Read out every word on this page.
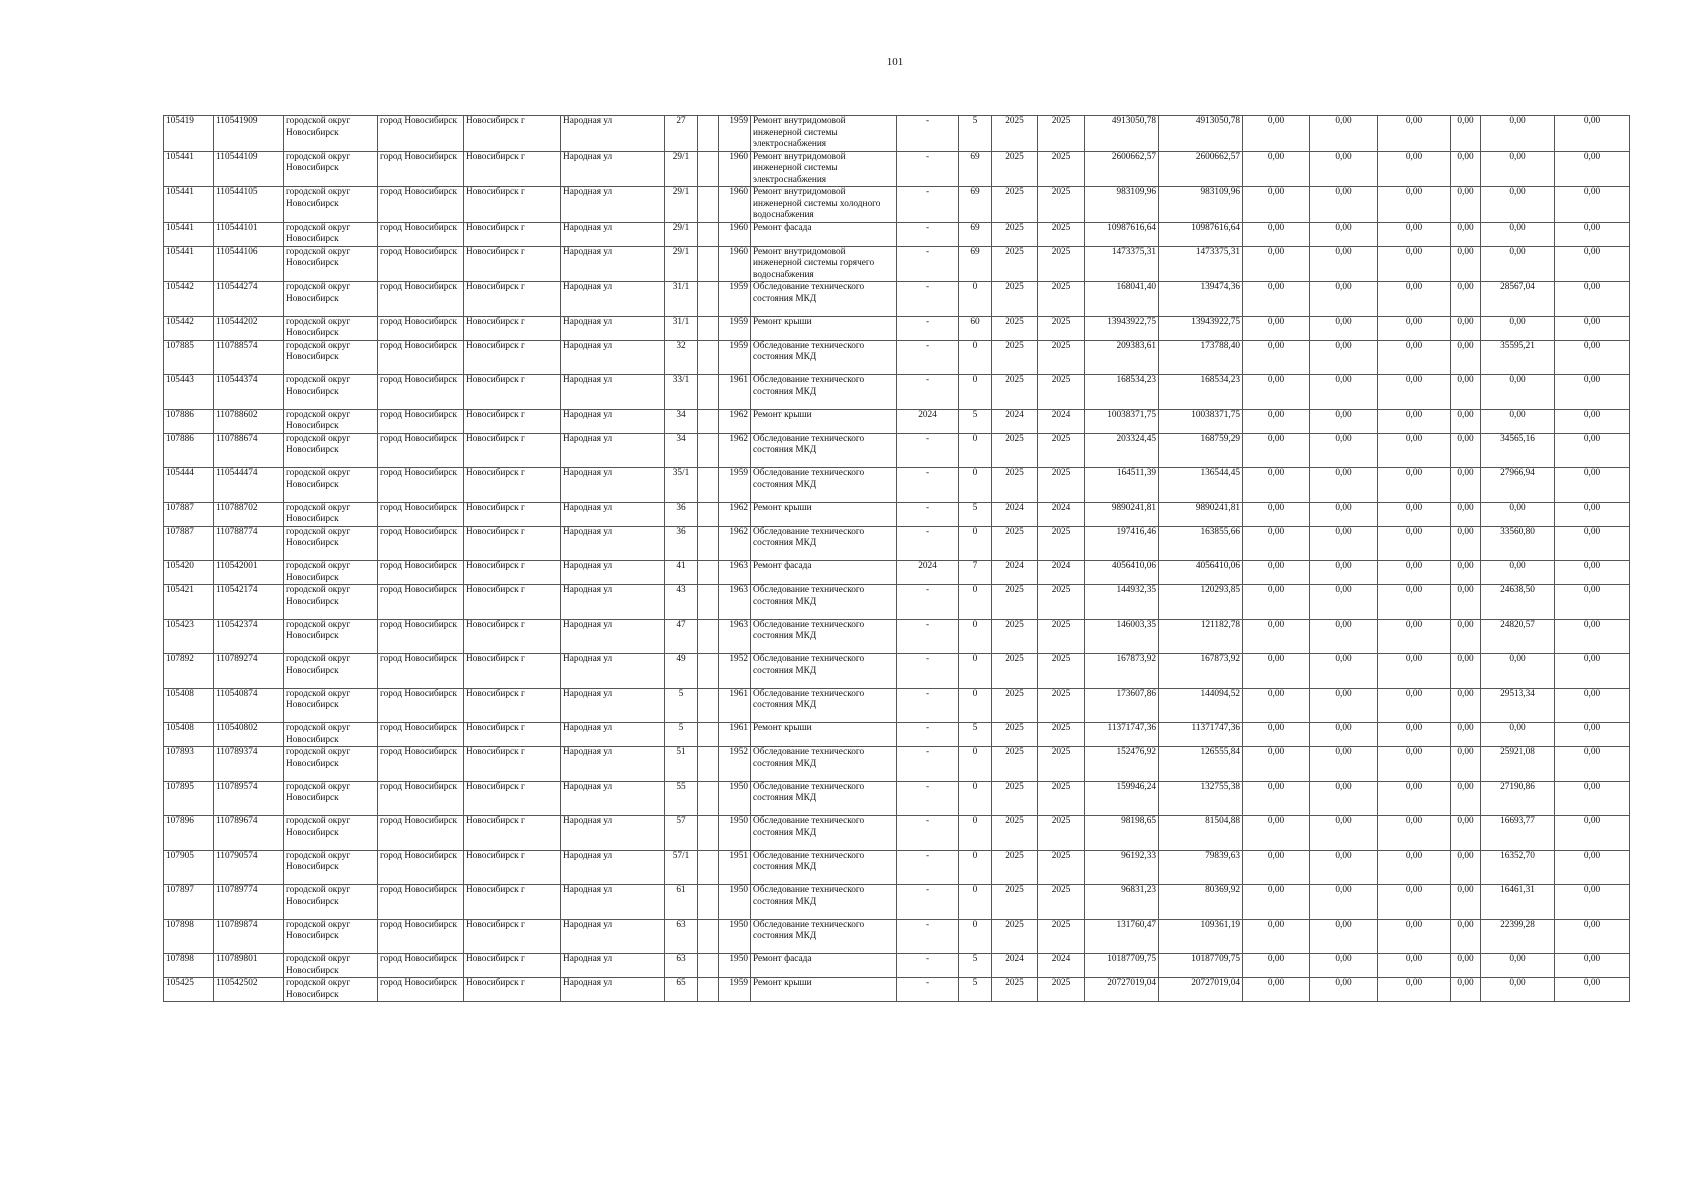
101
105419	110541909	городской округ Новосибирск	город Новосибирск	Новосибирск г	Народная ул	27		1959	Ремонт внутридомовой инженерной системы электроснабжения	-	5	2025	2025	4913050,78	4913050,78	0,00	0,00	0,00	0,00	0,00	0,00
105441	110544109	городской округ Новосибирск	город Новосибирск	Новосибирск г	Народная ул	29/1		1960	Ремонт внутридомовой инженерной системы электроснабжения	-	69	2025	2025	2600662,57	2600662,57	0,00	0,00	0,00	0,00	0,00	0,00
105441	110544105	городской округ Новосибирск	город Новосибирск	Новосибирск г	Народная ул	29/1		1960	Ремонт внутридомовой инженерной системы холодного водоснабжения	-	69	2025	2025	983109,96	983109,96	0,00	0,00	0,00	0,00	0,00	0,00
105441	110544101	городской округ Новосибирск	город Новосибирск	Новосибирск г	Народная ул	29/1		1960	Ремонт фасада	-	69	2025	2025	10987616,64	10987616,64	0,00	0,00	0,00	0,00	0,00	0,00
105441	110544106	городской округ Новосибирск	город Новосибирск	Новосибирск г	Народная ул	29/1		1960	Ремонт внутридомовой инженерной системы горячего водоснабжения	-	69	2025	2025	1473375,31	1473375,31	0,00	0,00	0,00	0,00	0,00	0,00
105442	110544274	городской округ Новосибирск	город Новосибирск	Новосибирск г	Народная ул	31/1		1959	Обследование технического состояния МКД	-	0	2025	2025	168041,40	139474,36	0,00	0,00	0,00	0,00	28567,04	0,00
105442	110544202	городской округ Новосибирск	город Новосибирск	Новосибирск г	Народная ул	31/1		1959	Ремонт крыши	-	60	2025	2025	13943922,75	13943922,75	0,00	0,00	0,00	0,00	0,00	0,00
107885	110788574	городской округ Новосибирск	город Новосибирск	Новосибирск г	Народная ул	32		1959	Обследование технического состояния МКД	-	0	2025	2025	209383,61	173788,40	0,00	0,00	0,00	0,00	35595,21	0,00
105443	110544374	городской округ Новосибирск	город Новосибирск	Новосибирск г	Народная ул	33/1		1961	Обследование технического состояния МКД	-	0	2025	2025	168534,23	168534,23	0,00	0,00	0,00	0,00	0,00	0,00
107886	110788602	городской округ Новосибирск	город Новосибирск	Новосибирск г	Народная ул	34		1962	Ремонт крыши	2024	5	2024	2024	10038371,75	10038371,75	0,00	0,00	0,00	0,00	0,00	0,00
107886	110788674	городской округ Новосибирск	город Новосибирск	Новосибирск г	Народная ул	34		1962	Обследование технического состояния МКД	-	0	2025	2025	203324,45	168759,29	0,00	0,00	0,00	0,00	34565,16	0,00
105444	110544474	городской округ Новосибирск	город Новосибирск	Новосибирск г	Народная ул	35/1		1959	Обследование технического состояния МКД	-	0	2025	2025	164511,39	136544,45	0,00	0,00	0,00	0,00	27966,94	0,00
107887	110788702	городской округ Новосибирск	город Новосибирск	Новосибирск г	Народная ул	36		1962	Ремонт крыши	-	5	2024	2024	9890241,81	9890241,81	0,00	0,00	0,00	0,00	0,00	0,00
107887	110788774	городской округ Новосибирск	город Новосибирск	Новосибирск г	Народная ул	36		1962	Обследование технического состояния МКД	-	0	2025	2025	197416,46	163855,66	0,00	0,00	0,00	0,00	33560,80	0,00
105420	110542001	городской округ Новосибирск	город Новосибирск	Новосибирск г	Народная ул	41		1963	Ремонт фасада	2024	7	2024	2024	4056410,06	4056410,06	0,00	0,00	0,00	0,00	0,00	0,00
105421	110542174	городской округ Новосибирск	город Новосибирск	Новосибирск г	Народная ул	43		1963	Обследование технического состояния МКД	-	0	2025	2025	144932,35	120293,85	0,00	0,00	0,00	0,00	24638,50	0,00
105423	110542374	городской округ Новосибирск	город Новосибирск	Новосибирск г	Народная ул	47		1963	Обследование технического состояния МКД	-	0	2025	2025	146003,35	121182,78	0,00	0,00	0,00	0,00	24820,57	0,00
107892	110789274	городской округ Новосибирск	город Новосибирск	Новосибирск г	Народная ул	49		1952	Обследование технического состояния МКД	-	0	2025	2025	167873,92	167873,92	0,00	0,00	0,00	0,00	0,00	0,00
105408	110540874	городской округ Новосибирск	город Новосибирск	Новосибирск г	Народная ул	5		1961	Обследование технического состояния МКД	-	0	2025	2025	173607,86	144094,52	0,00	0,00	0,00	0,00	29513,34	0,00
105408	110540802	городской округ Новосибирск	город Новосибирск	Новосибирск г	Народная ул	5		1961	Ремонт крыши	-	5	2025	2025	11371747,36	11371747,36	0,00	0,00	0,00	0,00	0,00	0,00
107893	110789374	городской округ Новосибирск	город Новосибирск	Новосибирск г	Народная ул	51		1952	Обследование технического состояния МКД	-	0	2025	2025	152476,92	126555,84	0,00	0,00	0,00	0,00	25921,08	0,00
107895	110789574	городской округ Новосибирск	город Новосибирск	Новосибирск г	Народная ул	55		1950	Обследование технического состояния МКД	-	0	2025	2025	159946,24	132755,38	0,00	0,00	0,00	0,00	27190,86	0,00
107896	110789674	городской округ Новосибирск	город Новосибирск	Новосибирск г	Народная ул	57		1950	Обследование технического состояния МКД	-	0	2025	2025	98198,65	81504,88	0,00	0,00	0,00	0,00	16693,77	0,00
107905	110790574	городской округ Новосибирск	город Новосибирск	Новосибирск г	Народная ул	57/1		1951	Обследование технического состояния МКД	-	0	2025	2025	96192,33	79839,63	0,00	0,00	0,00	0,00	16352,70	0,00
107897	110789774	городской округ Новосибирск	город Новосибирск	Новосибирск г	Народная ул	61		1950	Обследование технического состояния МКД	-	0	2025	2025	96831,23	80369,92	0,00	0,00	0,00	0,00	16461,31	0,00
107898	110789874	городской округ Новосибирск	город Новосибирск	Новосибирск г	Народная ул	63		1950	Обследование технического состояния МКД	-	0	2025	2025	131760,47	109361,19	0,00	0,00	0,00	0,00	22399,28	0,00
107898	110789801	городской округ Новосибирск	город Новосибирск	Новосибирск г	Народная ул	63		1950	Ремонт фасада	-	5	2024	2024	10187709,75	10187709,75	0,00	0,00	0,00	0,00	0,00	0,00
105425	110542502	городской округ Новосибирск	город Новосибирск	Новосибирск г	Народная ул	65		1959	Ремонт крыши	-	5	2025	2025	20727019,04	20727019,04	0,00	0,00	0,00	0,00	0,00	0,00
